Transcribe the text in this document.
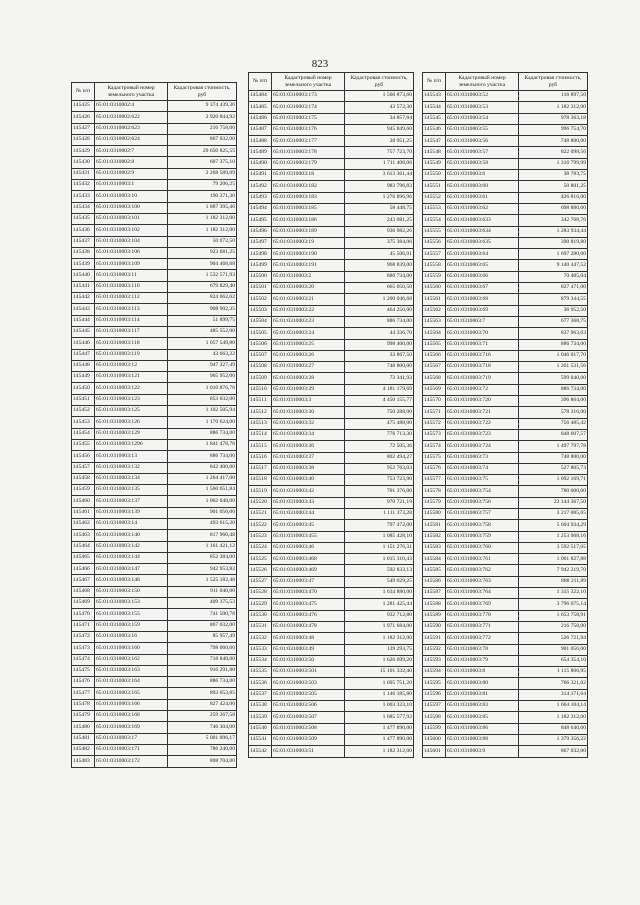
823
№ п/п	Кадастровый номер земельного участка	Кадастровая стоимость, руб
145425	65:01:0310002:4	9 374 439,36
145426	65:01:0310002:622	2 920 844,92
145427	65:01:0310002:623	216 758,00
145428	65:01:0310002:624	867 032,00
145429	65:01:0310002:7	29 650 825,55
145430	65:01:0310002:8	607 375,10
145431	65:01:0310002:9	2 268 589,09
145432	65:01:0310003:1	79 206,25
145433	65:01:0310003:10	190 371,30
145434	65:01:0310003:100	1 887 395,46
145435	65:01:0310003:101	1 182 312,00
145436	65:01:0310003:102	1 182 312,00
145437	65:01:0310003:104	50 072,50
145438	65:01:0310003:106	923 681,25
145439	65:01:0310003:109	904 468,68
145440	65:01:0310003:11	1 532 571,93
145441	65:01:0310003:110	679 829,40
145442	65:01:0310003:112	824 662,62
145443	65:01:0310003:113	908 902,35
145444	65:01:0310003:114	51 899,75
145445	65:01:0310003:117	485 552,00
145446	65:01:0310003:118	1 057 549,80
145447	65:01:0310003:119	43 663,22
145448	65:01:0310003:12	947 327,49
145449	65:01:0310003:121	965 952,00
145450	65:01:0310003:122	1 010 876,76
145451	65:01:0310003:123	853 632,00
145452	65:01:0310003:125	1 102 505,94
145453	65:01:0310003:126	1 170 624,00
145454	65:01:0310003:129	886 734,00
145455	65:01:0310003:1296	1 841 478,76
145456	65:01:0310003:13	886 734,00
145457	65:01:0310003:132	842 400,00
145458	65:01:0310003:134	1 264 417,00
145459	65:01:0310003:135	1 560 651,84
145460	65:01:0310003:137	1 062 048,00
145461	65:01:0310003:139	901 056,00
145462	65:01:0310003:14	493 615,20
145463	65:01:0310003:140	817 960,48
145464	65:01:0310003:142	1 161 421,12
145465	65:01:0310003:144	852 384,00
145466	65:01:0310003:147	942 953,82
145467	65:01:0310003:148	1 525 182,48
145468	65:01:0310003:150	911 040,00
145469	65:01:0310003:153	409 375,53
145470	65:01:0310003:155	741 500,78
145471	65:01:0310003:159	867 032,00
145472	65:01:0310003:16	85 957,49
145473	65:01:0310003:160	798 060,60
145474	65:01:0310003:162	718 848,00
145475	65:01:0310003:163	916 291,80
145476	65:01:0310003:164	886 734,00
145477	65:01:0310003:165	893 053,85
145478	65:01:0310003:166	827 424,00
145479	65:01:0310003:168	259 267,58
145480	65:01:0310003:169	746 304,00
145481	65:01:0310003:17	5 001 096,17
145482	65:01:0310003:171	786 240,00
145483	65:01:0310003:172	808 704,00
№ п/п	Кадастровый номер земельного участка	Кадастровая стоимость, руб
145484	65:01:0310003:173	1 560 873,60
145485	65:01:0310003:174	43 572,30
145486	65:01:0310003:175	34 857,84
145487	65:01:0310003:176	945 849,60
145488	65:01:0310003:177	28 951,25
145489	65:01:0310003:178	757 723,70
145490	65:01:0310003:179	1 711 408,06
145491	65:01:0310003:18	3 613 361,44
145492	65:01:0310003:182	983 796,83
145493	65:01:0310003:183	1 276 896,96
145494	65:01:0310003:185	58 448,75
145495	65:01:0310003:186	243 081,25
145496	65:01:0310003:189	936 982,26
145497	65:01:0310003:19	375 384,06
145498	65:01:0310003:190	45 506,91
145499	65:01:0310003:191	968 839,00
145500	65:01:0310003:2	886 734,00
145501	65:01:0310003:20	665 050,50
145502	65:01:0310003:21	1 200 046,68
145503	65:01:0310003:22	464 256,00
145504	65:01:0310003:23	886 734,00
145505	65:01:0310003:24	44 336,70
145506	65:01:0310003:25	998 400,00
145507	65:01:0310003:26	33 867,50
145508	65:01:0310003:27	748 800,00
145509	65:01:0310003:28	73 341,93
145510	65:01:0310003:29	4 181 179,69
145511	65:01:0310003:3	4 450 155,77
145512	65:01:0310003:30	750 288,00
145513	65:01:0310003:32	475 488,00
145514	65:01:0310003:34	776 713,30
145515	65:01:0310003:36	72 505,36
145516	65:01:0310003:37	802 494,27
145517	65:01:0310003:38	952 763,03
145518	65:01:0310003:40	753 723,90
145519	65:01:0310003:42	701 376,00
145520	65:01:0310003:43	970 721,19
145521	65:01:0310003:44	1 111 373,28
145522	65:01:0310003:45	797 472,00
145523	65:01:0310003:455	1 085 428,10
145524	65:01:0310003:46	1 151 276,31
145525	65:01:0310003:468	1 015 310,43
145526	65:01:0310003:469	592 833,13
145527	65:01:0310003:47	549 029,25
145528	65:01:0310003:470	1 634 880,00
145529	65:01:0310003:475	1 281 425,44
145530	65:01:0310003:476	932 712,80
145531	65:01:0310003:478	1 971 684,00
145532	65:01:0310003:48	1 182 312,00
145533	65:01:0310003:49	139 293,75
145534	65:01:0310003:50	1 626 699,20
145535	65:01:0310003:501	15 101 332,40
145536	65:01:0310003:503	1 695 751,20
145537	65:01:0310003:505	1 146 185,80
145538	65:01:0310003:506	1 003 323,10
145539	65:01:0310003:507	1 685 577,92
145540	65:01:0310003:508	1 477 890,00
145541	65:01:0310003:509	1 477 890,00
145542	65:01:0310003:51	1 182 312,00
№ п/п	Кадастровый номер земельного участка	Кадастровая стоимость, руб
145543	65:01:0310003:52	116 897,50
145544	65:01:0310003:53	1 182 312,00
145545	65:01:0310003:54	978 363,18
145546	65:01:0310003:55	996 754,70
145547	65:01:0310003:56	748 800,00
145548	65:01:0310003:57	822 098,56
145549	65:01:0310003:58	1 316 799,99
145550	65:01:0310003:6	38 783,75
145551	65:01:0310003:60	50 801,25
145552	65:01:0310003:61	426 816,00
145553	65:01:0310003:62	698 880,00
145554	65:01:0310003:633	342 768,76
145555	65:01:0310003:634	1 283 934,44
145556	65:01:0310003:635	390 819,80
145557	65:01:0310003:64	1 697 280,00
145558	65:01:0310003:65	9 140 447,52
145559	65:01:0310003:66	70 405,04
145560	65:01:0310003:67	827 471,00
145561	65:01:0310003:68	879 344,55
145562	65:01:0310003:69	36 952,50
145563	65:01:0310003:7	677 368,75
145564	65:01:0310003:70	837 963,63
145565	65:01:0310003:71	886 734,00
145566	65:01:0310003:716	1 046 017,70
145567	65:01:0310003:718	1 261 531,56
145568	65:01:0310003:719	599 040,00
145569	65:01:0310003:72	886 734,00
145570	65:01:0310003:720	396 864,00
145571	65:01:0310003:721	578 316,00
145572	65:01:0310003:722	756 485,42
145573	65:01:0310003:723	848 607,57
145574	65:01:0310003:724	1 497 797,78
145575	65:01:0310003:73	748 800,00
145576	65:01:0310003:74	527 805,73
145577	65:01:0310003:75	1 092 169,71
145578	65:01:0310003:754	780 000,00
145579	65:01:0310003:756	23 144 367,50
145580	65:01:0310003:757	3 217 085,65
145581	65:01:0310003:758	5 604 934,29
145582	65:01:0310003:759	1 253 968,16
145583	65:01:0310003:760	3 592 517,65
145584	65:01:0310003:761	1 061 827,88
145585	65:01:0310003:762	7 942 219,70
145586	65:01:0310003:763	888 211,89
145587	65:01:0310003:764	1 315 322,10
145588	65:01:0310003:769	3 796 075,14
145589	65:01:0310003:770	1 653 758,91
145590	65:01:0310003:771	216 758,00
145591	65:01:0310003:772	526 721,94
145592	65:01:0310003:78	901 056,00
145593	65:01:0310003:79	654 354,10
145594	65:01:0310003:8	1 115 806,95
145595	65:01:0310003:80	766 321,02
145596	65:01:0310003:81	314 171,64
145597	65:01:0310003:83	1 664 104,14
145598	65:01:0310003:85	1 182 312,00
145599	65:01:0310003:86	848 640,00
145600	65:01:0310003:88	1 379 356,22
145601	65:01:0310003:9	867 032,00
